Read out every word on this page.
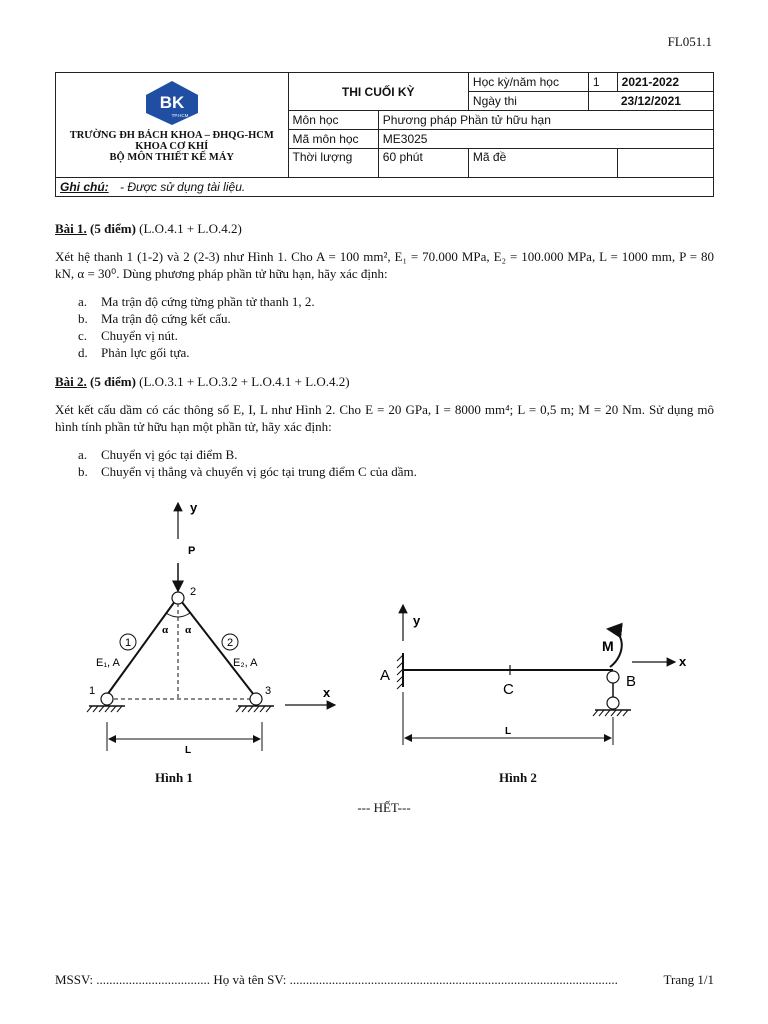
FL051.1
BK
TP.HCM
TRƯỜNG ĐH BÁCH KHOA – ĐHQG-HCM
KHOA CƠ KHÍ
BỘ MÔN THIẾT KẾ MÁY	THI CUỐI KỲ		Học kỳ/năm học	1	2021-2022
			Ngày thi	23/12/2021	
	Môn học	Phương pháp Phần tử hữu hạn			
	Mã môn học	ME3025			
	Thời lượng	60 phút	Mã đề		
Ghi chú: - Được sử dụng tài liệu.					
Bài 1. (5 điểm) (L.O.4.1 + L.O.4.2)
Xét hệ thanh 1 (1-2) và 2 (2-3) như Hình 1. Cho A = 100 mm², E₁ = 70.000 MPa, E₂ = 100.000 MPa, L = 1000 mm, P = 80 kN, α = 30⁰. Dùng phương pháp phần tử hữu hạn, hãy xác định:
a. Ma trận độ cứng từng phần tử thanh 1, 2.
b. Ma trận độ cứng kết cấu.
c. Chuyển vị nút.
d. Phản lực gối tựa.
Bài 2. (5 điểm) (L.O.3.1 + L.O.3.2 + L.O.4.1 + L.O.4.2)
Xét kết cấu dầm có các thông số E, I, L như Hình 2. Cho E = 20 GPa, I = 8000 mm⁴; L = 0,5 m; M = 20 Nm. Sử dụng mô hình tính phần tử hữu hạn một phần tử, hãy xác định:
a. Chuyển vị góc tại điểm B.
b. Chuyển vị thẳng và chuyển vị góc tại trung điểm C của dầm.
y
P
α α
2
1	2
E₁, A	E₂, A
1	3	x
L
Hình 1
y
A
C
M
x
B
L
Hình 2
--- HẾT---
MSSV: ................................... Họ và tên SV: .....................................................................................................	Trang 1/1
